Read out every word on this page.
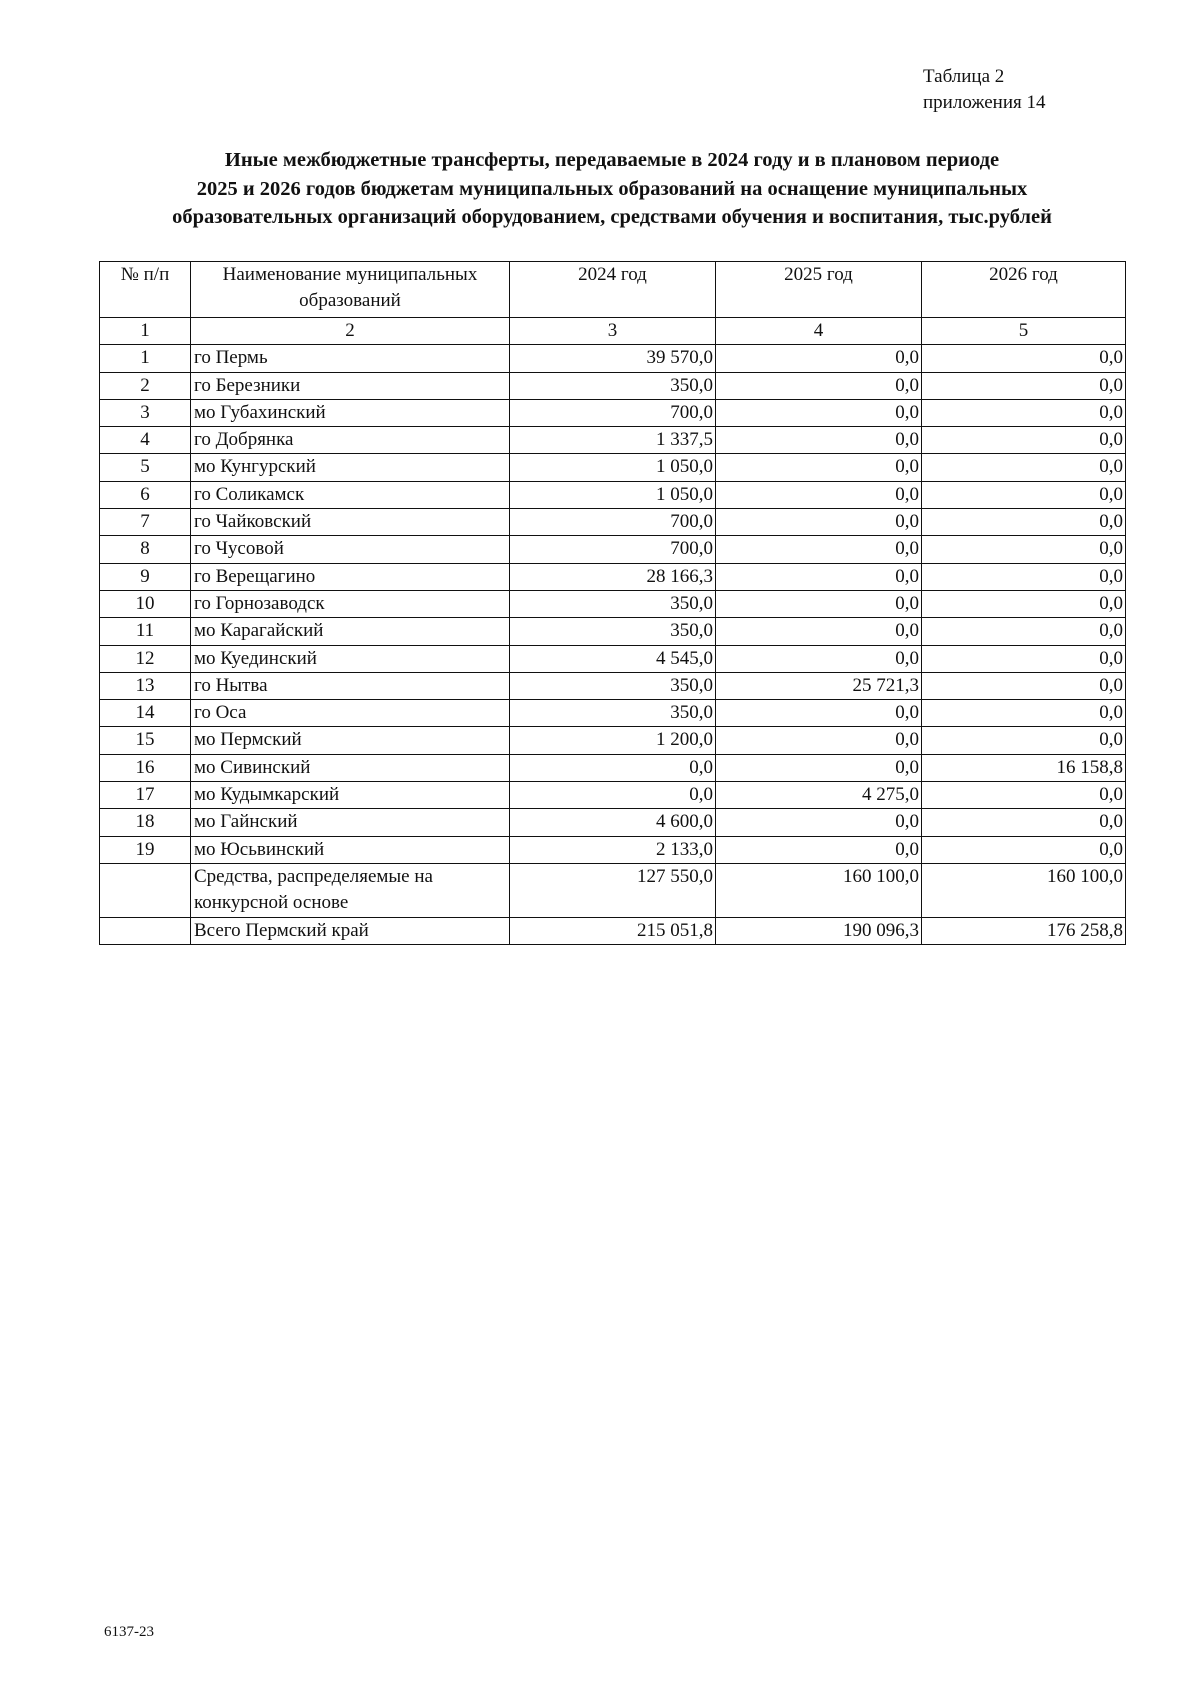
Таблица 2
приложения 14
Иные межбюджетные трансферты, передаваемые в 2024 году и в плановом периоде
2025 и 2026 годов бюджетам муниципальных образований на оснащение муниципальных
образовательных организаций оборудованием, средствами обучения и воспитания, тыс.рублей
№ п/п	Наименование муниципальных образований	2024 год	2025 год	2026 год
1	2	3	4	5
1	го Пермь	39 570,0	0,0	0,0
2	го Березники	350,0	0,0	0,0
3	мо Губахинский	700,0	0,0	0,0
4	го Добрянка	1 337,5	0,0	0,0
5	мо Кунгурский	1 050,0	0,0	0,0
6	го Соликамск	1 050,0	0,0	0,0
7	го Чайковский	700,0	0,0	0,0
8	го Чусовой	700,0	0,0	0,0
9	го Верещагино	28 166,3	0,0	0,0
10	го Горнозаводск	350,0	0,0	0,0
11	мо Карагайский	350,0	0,0	0,0
12	мо Куединский	4 545,0	0,0	0,0
13	го Нытва	350,0	25 721,3	0,0
14	го Оса	350,0	0,0	0,0
15	мо Пермский	1 200,0	0,0	0,0
16	мо Сивинский	0,0	0,0	16 158,8
17	мо Кудымкарский	0,0	4 275,0	0,0
18	мо Гайнский	4 600,0	0,0	0,0
19	мо Юсьвинский	2 133,0	0,0	0,0
	Средства, распределяемые на конкурсной основе	127 550,0	160 100,0	160 100,0
	Всего Пермский край	215 051,8	190 096,3	176 258,8
6137-23
